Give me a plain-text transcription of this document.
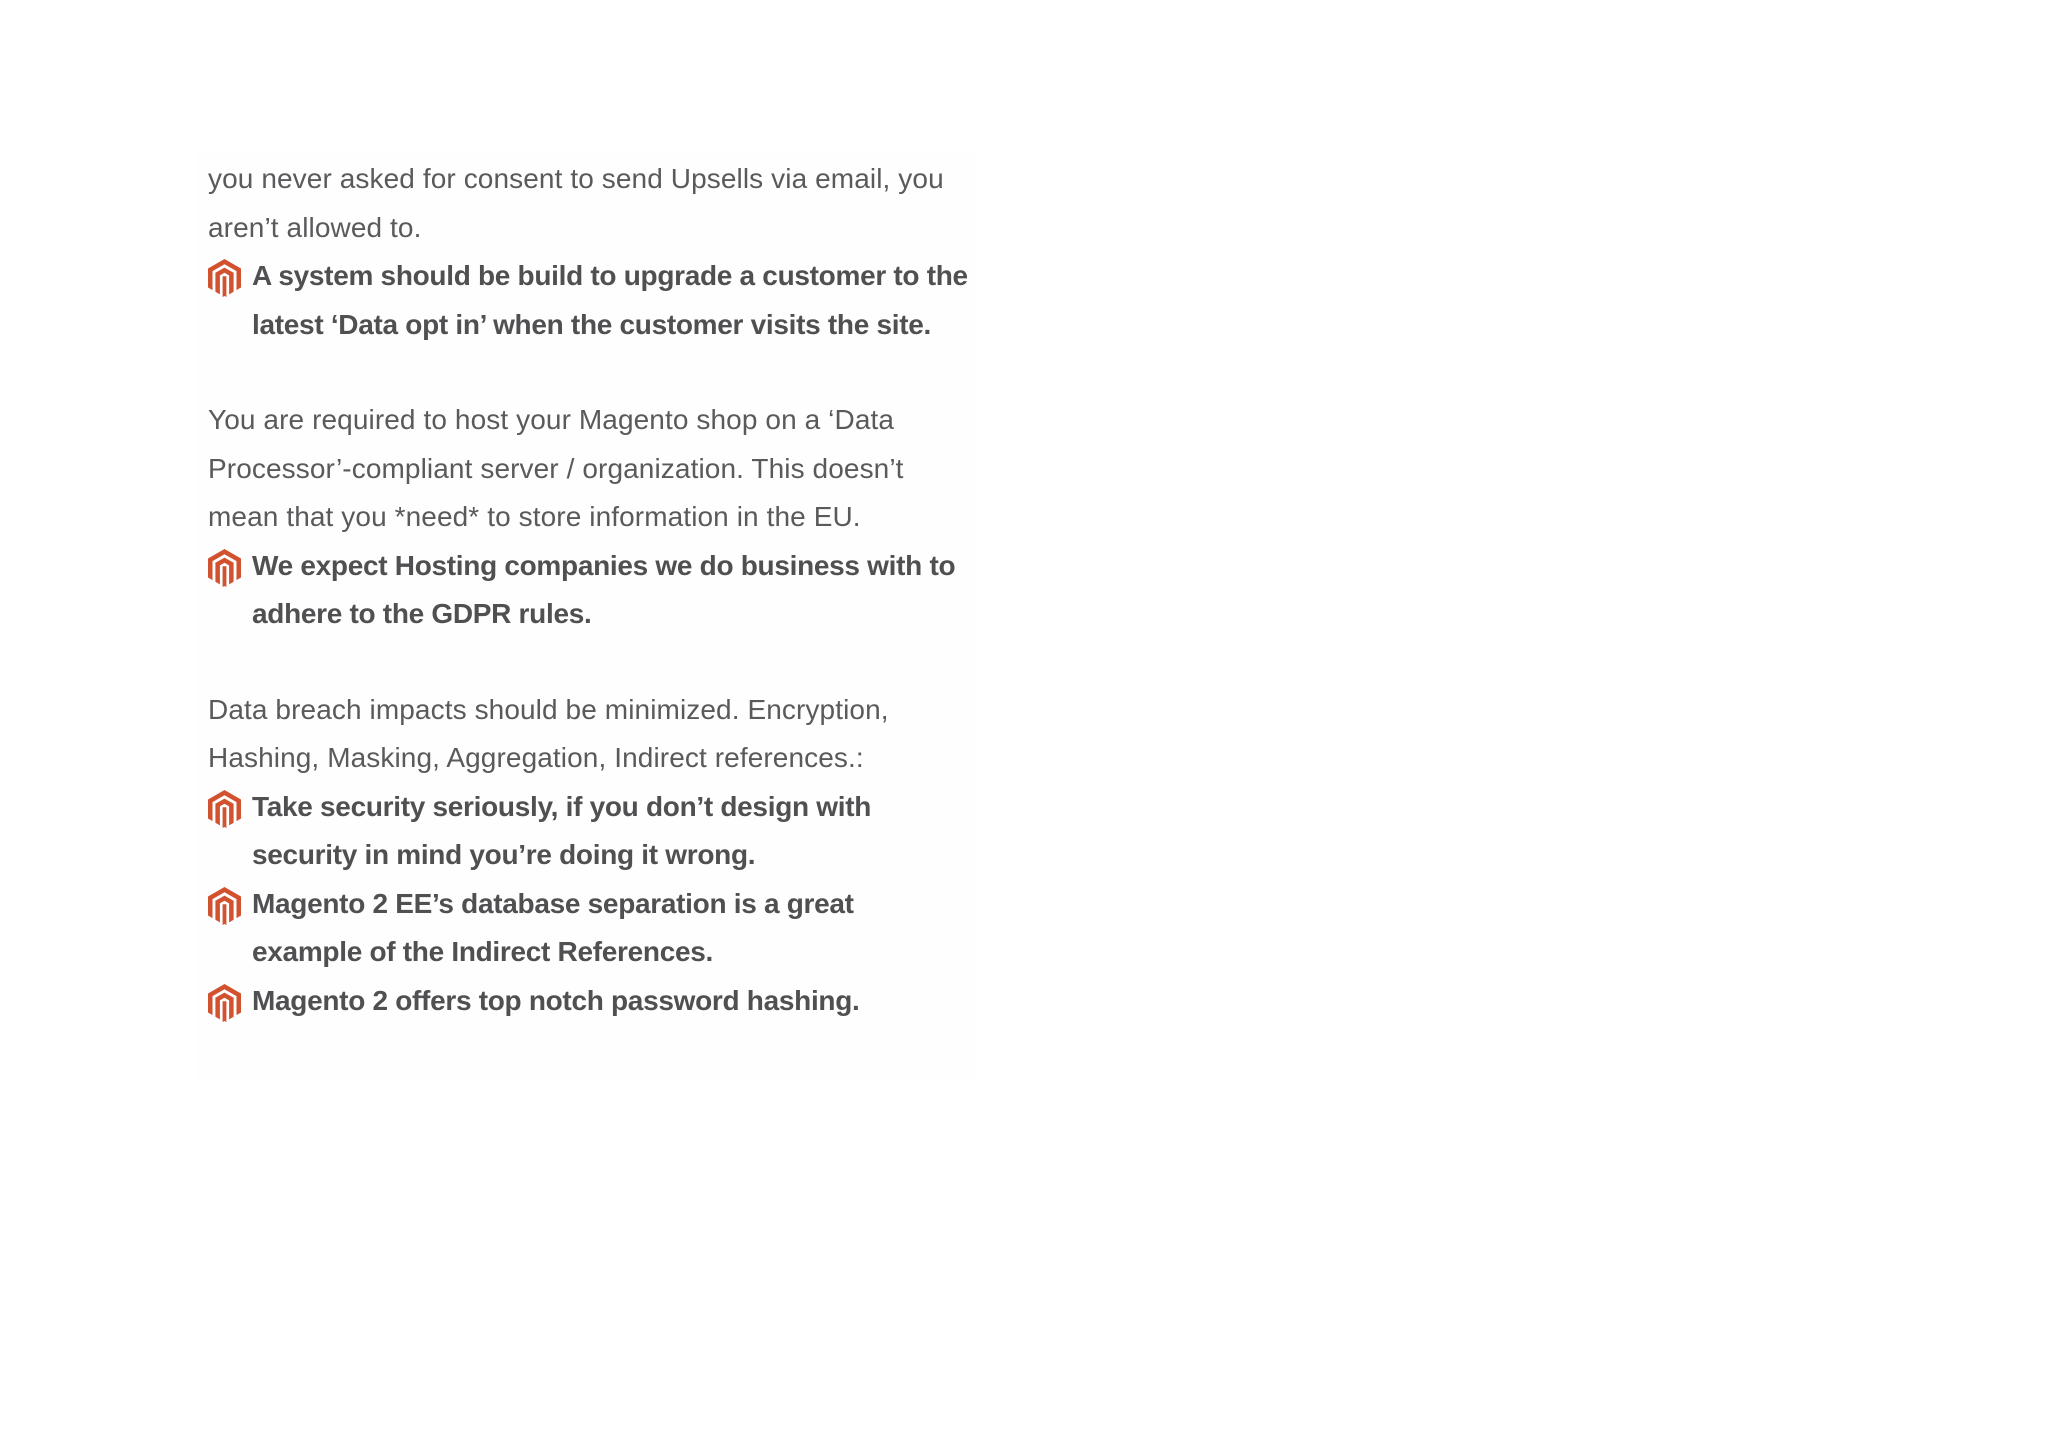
you never asked for consent to send Upsells via email, you aren’t allowed to.

A system should be build to upgrade a customer to the latest ‘Data opt in’ when the customer visits the site.

You are required to host your Magento shop on a ‘Data Processor’-compliant server / organization. This doesn’t mean that you *need* to store information in the EU.

We expect Hosting companies we do business with to adhere to the GDPR rules.

Data breach impacts should be minimized. Encryption, Hashing, Masking, Aggregation, Indirect references.:

Take security seriously, if you don’t design with security in mind you’re doing it wrong.
Magento 2 EE’s database separation is a great example of the Indirect References.
Magento 2 offers top notch password hashing.
